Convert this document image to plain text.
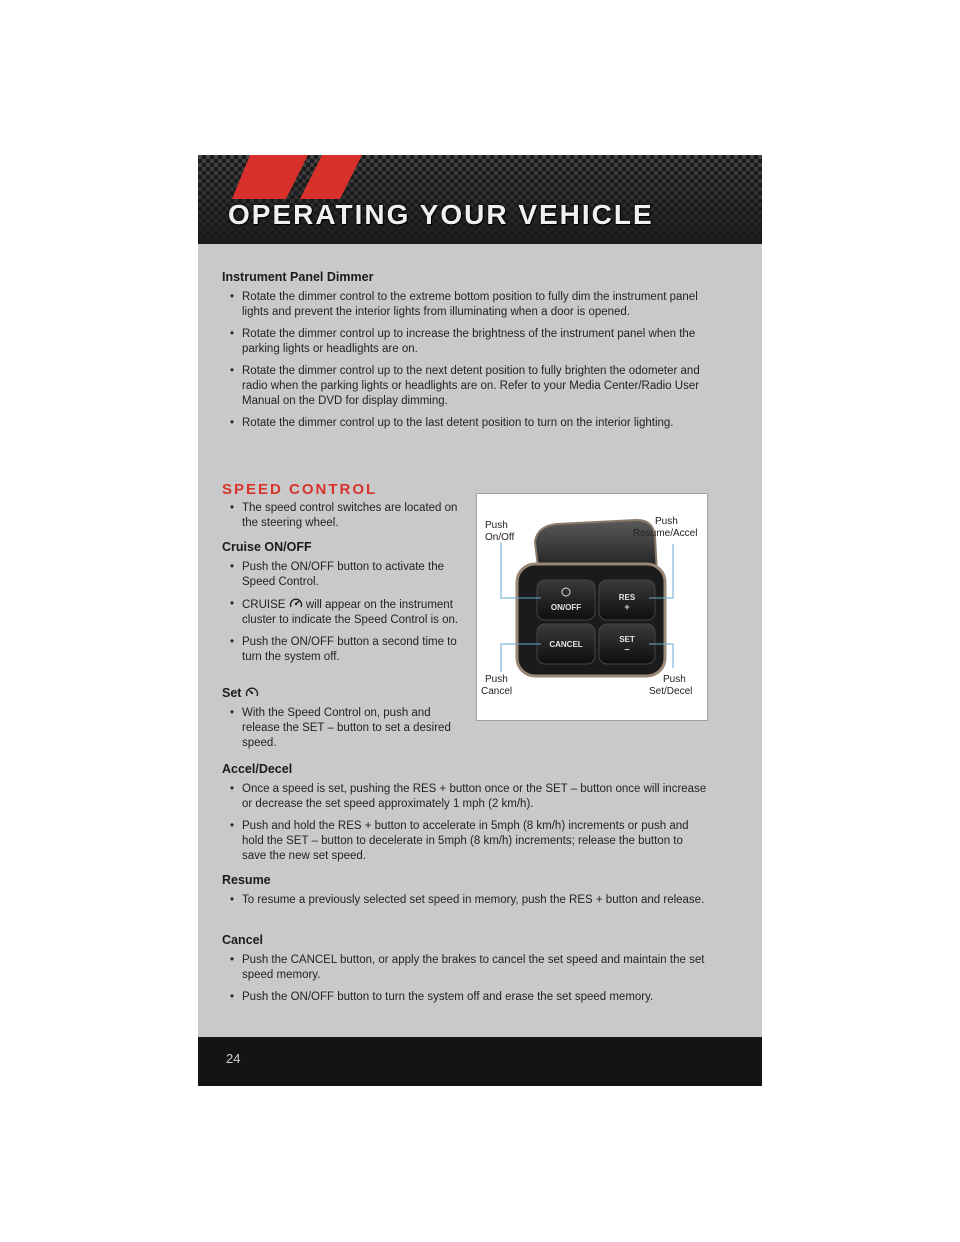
OPERATING YOUR VEHICLE
Instrument Panel Dimmer
• Rotate the dimmer control to the extreme bottom position to fully dim the instrument panel lights and prevent the interior lights from illuminating when a door is opened.
• Rotate the dimmer control up to increase the brightness of the instrument panel when the parking lights or headlights are on.
• Rotate the dimmer control up to the next detent position to fully brighten the odometer and radio when the parking lights or headlights are on. Refer to your Media Center/Radio User Manual on the DVD for display dimming.
• Rotate the dimmer control up to the last detent position to turn on the interior lighting.
SPEED CONTROL
• The speed control switches are located on the steering wheel.
Cruise ON/OFF
• Push the ON/OFF button to activate the Speed Control.
• CRUISE will appear on the instrument cluster to indicate the Speed Control is on.
• Push the ON/OFF button a second time to turn the system off.
Set
• With the Speed Control on, push and release the SET – button to set a desired speed.
Accel/Decel
• Once a speed is set, pushing the RES + button once or the SET – button once will increase or decrease the set speed approximately 1 mph (2 km/h).
• Push and hold the RES + button to accelerate in 5mph (8 km/h) increments or push and hold the SET – button to decelerate in 5mph (8 km/h) increments; release the button to save the new set speed.
Resume
• To resume a previously selected set speed in memory, push the RES + button and release.
Cancel
• Push the CANCEL button, or apply the brakes to cancel the set speed and maintain the set speed memory.
• Push the ON/OFF button to turn the system off and erase the set speed memory.
ON/OFF
RES
+
CANCEL
SET
–
Push
On/Off
Push
Resume/Accel
Push
Cancel
Push
Set/Decel
24
